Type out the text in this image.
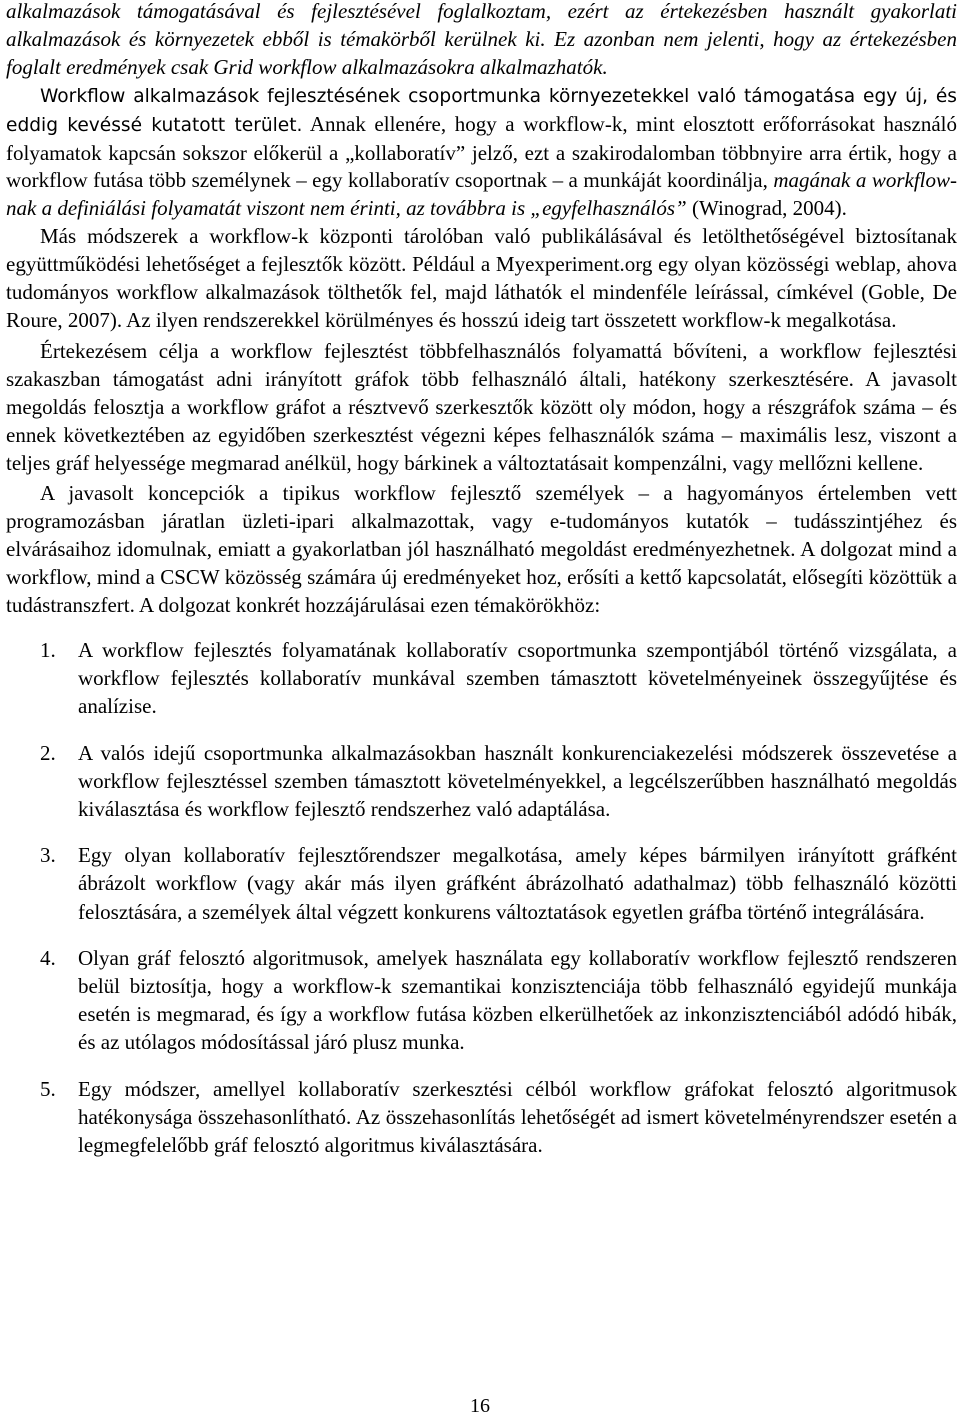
alkalmazások támogatásával és fejlesztésével foglalkoztam, ezért az értekezésben használt gyakorlati alkalmazások és környezetek ebből is témakörből kerülnek ki. Ez azonban nem jelenti, hogy az értekezésben foglalt eredmények csak Grid workflow alkalmazásokra alkalmazhatók.

Workflow alkalmazások fejlesztésének csoportmunka környezetekkel való támogatása egy új, és eddig kevéssé kutatott terület. Annak ellenére, hogy a workflow-k, mint elosztott erőforrásokat használó folyamatok kapcsán sokszor előkerül a „kollaboratív” jelző, ezt a szakirodalomban többnyire arra értik, hogy a workflow futása több személynek – egy kollaboratív csoportnak – a munkáját koordinálja, magának a workflow-nak a definiálási folyamatát viszont nem érinti, az továbbra is „egyfelhasználós” (Winograd, 2004).

Más módszerek a workflow-k központi tárolóban való publikálásával és letölthetőségével biztosítanak együttműködési lehetőséget a fejlesztők között. Például a Myexperiment.org egy olyan közösségi weblap, ahova tudományos workflow alkalmazások tölthetők fel, majd láthatók el mindenféle leírással, címkével (Goble, De Roure, 2007). Az ilyen rendszerekkel körülményes és hosszú ideig tart összetett workflow-k megalkotása.

Értekezésem célja a workflow fejlesztést többfelhasználós folyamattá bővíteni, a workflow fejlesztési szakaszban támogatást adni irányított gráfok több felhasználó általi, hatékony szerkesztésére. A javasolt megoldás felosztja a workflow gráfot a résztvevő szerkesztők között oly módon, hogy a részgráfok száma – és ennek következtében az egyidőben szerkesztést végezni képes felhasználók száma – maximális lesz, viszont a teljes gráf helyessége megmarad anélkül, hogy bárkinek a változtatásait kompenzálni, vagy mellőzni kellene.

A javasolt koncepciók a tipikus workflow fejlesztő személyek – a hagyományos értelemben vett programozásban járatlan üzleti-ipari alkalmazottak, vagy e-tudományos kutatók – tudásszintjéhez és elvárásaihoz idomulnak, emiatt a gyakorlatban jól használható megoldást eredményezhetnek. A dolgozat mind a workflow, mind a CSCW közösség számára új eredményeket hoz, erősíti a kettő kapcsolatát, elősegíti közöttük a tudástranszfert. A dolgozat konkrét hozzájárulásai ezen témakörökhöz:

1. A workflow fejlesztés folyamatának kollaboratív csoportmunka szempontjából történő vizsgálata, a workflow fejlesztés kollaboratív munkával szemben támasztott követelményeinek összegyűjtése és analízise.
2. A valós idejű csoportmunka alkalmazásokban használt konkurenciakezelési módszerek összevetése a workflow fejlesztéssel szemben támasztott követelményekkel, a legcélszerűbben használható megoldás kiválasztása és workflow fejlesztő rendszerhez való adaptálása.
3. Egy olyan kollaboratív fejlesztőrendszer megalkotása, amely képes bármilyen irányított gráfként ábrázolt workflow (vagy akár más ilyen gráfként ábrázolható adathalmaz) több felhasználó közötti felosztására, a személyek által végzett konkurens változtatások egyetlen gráfba történő integrálására.
4. Olyan gráf felosztó algoritmusok, amelyek használata egy kollaboratív workflow fejlesztő rendszeren belül biztosítja, hogy a workflow-k szemantikai konzisztenciája több felhasználó egyidejű munkája esetén is megmarad, és így a workflow futása közben elkerülhetőek az inkonzisztenciából adódó hibák, és az utólagos módosítással járó plusz munka.
5. Egy módszer, amellyel kollaboratív szerkesztési célból workflow gráfokat felosztó algoritmusok hatékonysága összehasonlítható. Az összehasonlítás lehetőségét ad ismert követelményrendszer esetén a legmegfelelőbb gráf felosztó algoritmus kiválasztására.
16
